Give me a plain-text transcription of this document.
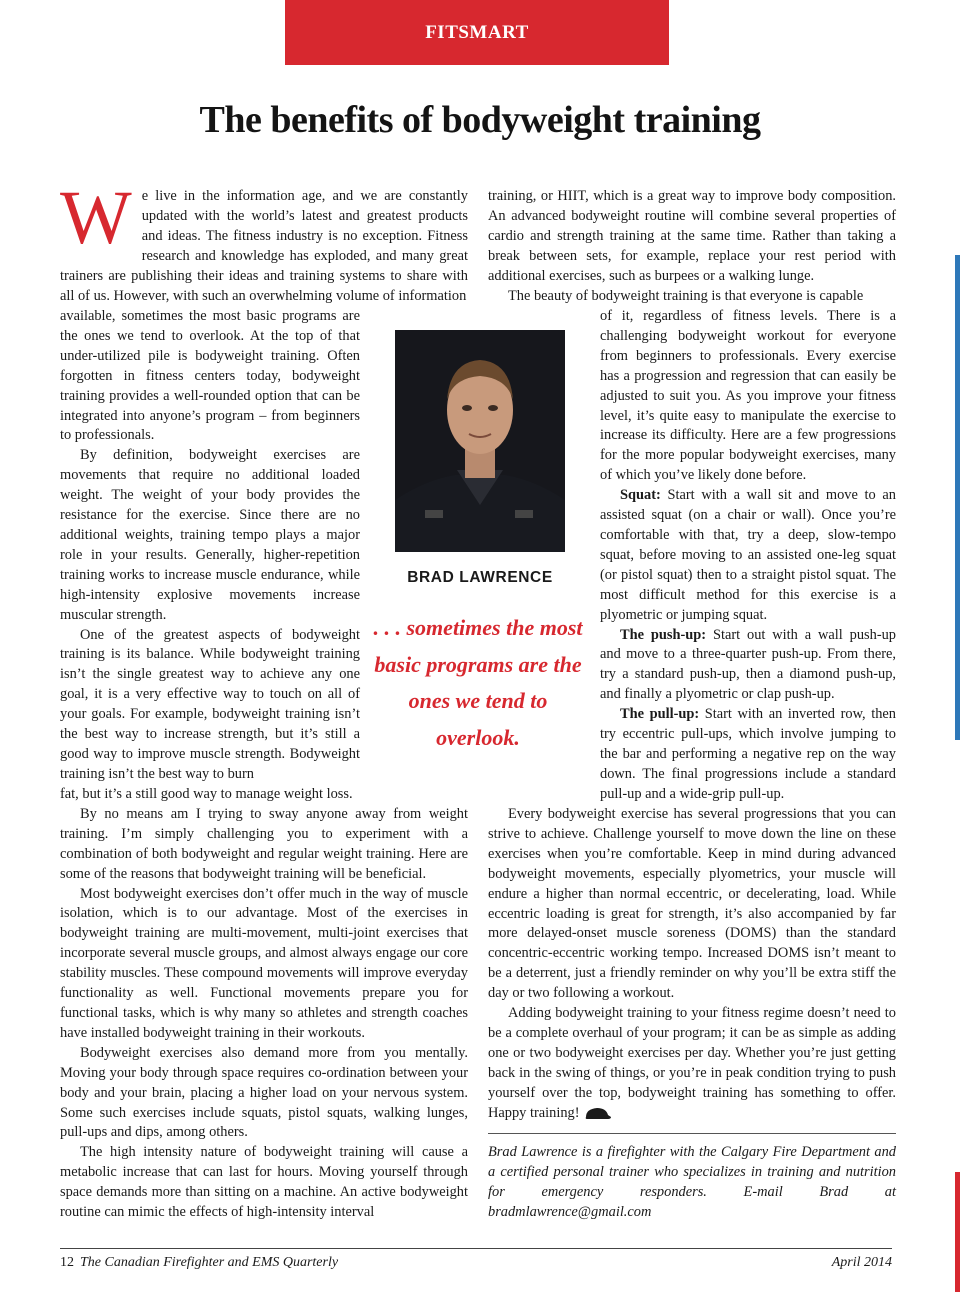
FITSMART
The benefits of bodyweight training

We live in the information age, and we are constantly updated with the world’s latest and greatest products and ideas. The fitness industry is no exception. Fitness research and knowledge has exploded, and many great trainers are publishing their ideas and training systems to share with all of us. However, with such an overwhelming volume of information

available, sometimes the most basic programs are the ones we tend to overlook. At the top of that under-utilized pile is bodyweight training. Often forgotten in fitness centers today, bodyweight training provides a well-rounded option that can be integrated into anyone’s program – from beginners to professionals.

By definition, bodyweight exercises are movements that require no additional loaded weight. The weight of your body provides the resistance for the exercise. Since there are no additional weights, training tempo plays a major role in your results. Generally, higher-repetition training works to increase muscle endurance, while high-intensity explosive movements increase muscular strength.

One of the greatest aspects of bodyweight training is its balance. While bodyweight training isn’t the single greatest way to achieve any one goal, it is a very effective way to touch on all of your goals. For example, bodyweight training isn’t the best way to increase strength, but it’s still a good way to improve muscle strength. Bodyweight training isn’t the best way to burn

fat, but it’s a still good way to manage weight loss.

By no means am I trying to sway anyone away from weight training. I’m simply challenging you to experiment with a combination of both bodyweight and regular weight training. Here are some of the reasons that bodyweight training will be beneficial.

Most bodyweight exercises don’t offer much in the way of muscle isolation, which is to our advantage. Most of the exercises in bodyweight training are multi-movement, multi-joint exercises that incorporate several muscle groups, and almost always engage our core stability muscles. These compound movements will improve everyday functionality as well. Functional movements prepare you for functional tasks, which is why many so athletes and strength coaches have installed bodyweight training in their workouts.

Bodyweight exercises also demand more from you mentally. Moving your body through space requires co-ordination between your body and your brain, placing a higher load on your nervous system. Some such exercises include squats, pistol squats, walking lunges, pull-ups and dips, among others.

The high intensity nature of bodyweight training will cause a metabolic increase that can last for hours. Moving yourself through space demands more than sitting on a machine. An active bodyweight routine can mimic the effects of high-intensity interval

BRAD LAWRENCE
. . . sometimes the most basic programs are the ones we tend to overlook.

training, or HIIT, which is a great way to improve body composition. An advanced bodyweight routine will combine several properties of cardio and strength training at the same time. Rather than taking a break between sets, for example, replace your rest period with additional exercises, such as burpees or a walking lunge.

The beauty of bodyweight training is that everyone is capable

of it, regardless of fitness levels. There is a challenging bodyweight workout for everyone from beginners to professionals. Every exercise has a progression and regression that can easily be adjusted to suit you. As you improve your fitness level, it’s quite easy to manipulate the exercise to increase its difficulty. Here are a few progressions for the more popular bodyweight exercises, many of which you’ve likely done before.

Squat: Start with a wall sit and move to an assisted squat (on a chair or wall). Once you’re comfortable with that, try a deep, slow-tempo squat, before moving to an assisted one-leg squat (or pistol squat) then to a straight pistol squat. The most difficult method for this exercise is a plyometric or jumping squat.

The push-up: Start out with a wall push-up and move to a three-quarter push-up. From there, try a standard push-up, then a diamond push-up, and finally a plyometric or clap push-up.

The pull-up: Start with an inverted row, then try eccentric pull-ups, which involve jumping to the bar and performing a negative rep on the way down. The final progressions include a standard pull-up and a wide-grip pull-up.

Every bodyweight exercise has several progressions that you can strive to achieve. Challenge yourself to move down the line on these exercises when you’re comfortable. Keep in mind during advanced bodyweight movements, especially plyometrics, your muscle will endure a higher than normal eccentric, or decelerating, load. While eccentric loading is great for strength, it’s also accompanied by far more delayed-onset muscle soreness (DOMS) than the standard concentric-eccentric working tempo. Increased DOMS isn’t meant to be a deterrent, just a friendly reminder on why you’ll be extra stiff the day or two following a workout.

Adding bodyweight training to your fitness regime doesn’t need to be a complete overhaul of your program; it can be as simple as adding one or two bodyweight exercises per day. Whether you’re just getting back in the swing of things, or you’re in peak condition trying to push yourself over the top, bodyweight training has something to offer. Happy training!

Brad Lawrence is a firefighter with the Calgary Fire Department and a certified personal trainer who specializes in training and nutrition for emergency responders. E-mail Brad at bradmlawrence@gmail.com
12 The Canadian Firefighter and EMS Quarterly	April 2014
